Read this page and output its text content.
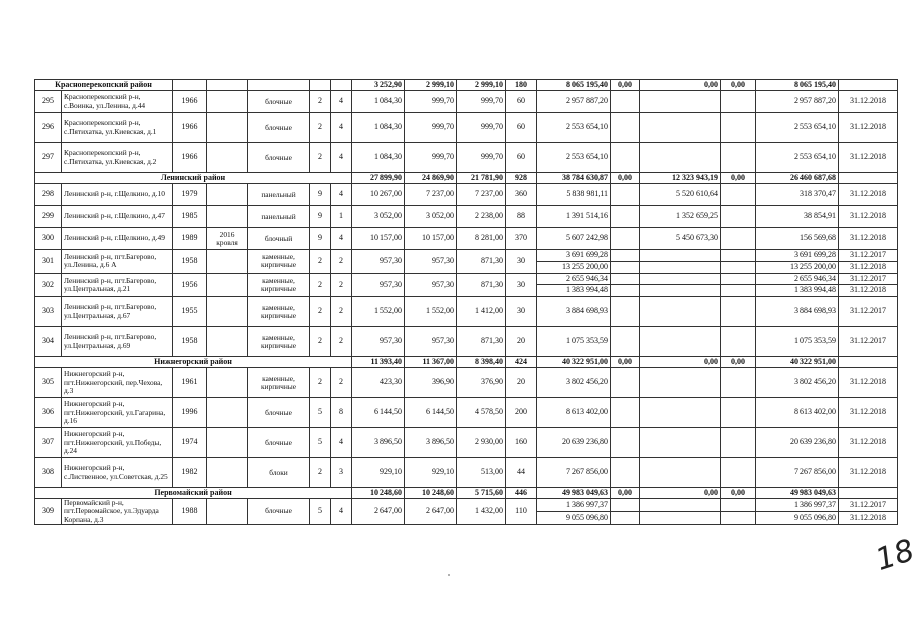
Красноперекопский район							3 252,90	2 999,10	2 999,10	180	8 065 195,40	0,00	0,00	0,00	8 065 195,40	
295	Красноперекопский р-н, с.Воинка, ул.Ленина, д.44	1966		блочные	2	4	1 084,30	999,70	999,70	60	2 957 887,20				2 957 887,20	31.12.2018
296	Красноперекопский р-н, с.Пятихатка, ул.Киевская, д.1	1966		блочные	2	4	1 084,30	999,70	999,70	60	2 553 654,10				2 553 654,10	31.12.2018
297	Красноперекопский р-н, с.Пятихатка, ул.Киевская, д.2	1966		блочные	2	4	1 084,30	999,70	999,70	60	2 553 654,10				2 553 654,10	31.12.2018
Ленинский район							27 899,90	24 869,90	21 781,90	928	38 784 630,87	0,00	12 323 943,19	0,00	26 460 687,68	
298	Ленинский р-н, г.Щелкино, д.10	1979		панельный	9	4	10 267,00	7 237,00	7 237,00	360	5 838 981,11		5 520 610,64		318 370,47	31.12.2018
299	Ленинский р-н, г.Щелкино, д.47	1985		панельный	9	1	3 052,00	3 052,00	2 238,00	88	1 391 514,16		1 352 659,25		38 854,91	31.12.2018
300	Ленинский р-н, г.Щелкино, д.49	1989	2016 кровля	блочный	9	4	10 157,00	10 157,00	8 281,00	370	5 607 242,98		5 450 673,30		156 569,68	31.12.2018
301	Ленинский р-н, пгт.Багерово, ул.Ленина, д.6 А	1958		каменные, кирпичные	2	2	957,30	957,30	871,30	30	3 691 699,28				3 691 699,28	31.12.2017
											13 255 200,00				13 255 200,00	31.12.2018
302	Ленинский р-н, пгт.Багерово, ул.Центральная, д.21	1956		каменные, кирпичные	2	2	957,30	957,30	871,30	30	2 655 946,34				2 655 946,34	31.12.2017
											1 383 994,48				1 383 994,48	31.12.2018
303	Ленинский р-н, пгт.Багерово, ул.Центральная, д.67	1955		каменные, кирпичные	2	2	1 552,00	1 552,00	1 412,00	30	3 884 698,93				3 884 698,93	31.12.2017
304	Ленинский р-н, пгт.Багерово, ул.Центральная, д.69	1958		каменные, кирпичные	2	2	957,30	957,30	871,30	20	1 075 353,59				1 075 353,59	31.12.2017
Нижнегорский район							11 393,40	11 367,00	8 398,40	424	40 322 951,00	0,00	0,00	0,00	40 322 951,00	
305	Нижнегорский р-н, пгт.Нижнегорский, пер.Чехова, д.3	1961		каменные, кирпичные	2	2	423,30	396,90	376,90	20	3 802 456,20				3 802 456,20	31.12.2018
306	Нижнегорский р-н, пгт.Нижнегорский, ул.Гагарина, д.16	1996		блочные	5	8	6 144,50	6 144,50	4 578,50	200	8 613 402,00				8 613 402,00	31.12.2018
307	Нижнегорский р-н, пгт.Нижнегорский, ул.Победы, д.24	1974		блочные	5	4	3 896,50	3 896,50	2 930,00	160	20 639 236,80				20 639 236,80	31.12.2018
308	Нижнегорский р-н, с.Лиственное, ул.Советская, д.25	1982		блоки	2	3	929,10	929,10	513,00	44	7 267 856,00				7 267 856,00	31.12.2018
Первомайский район							10 248,60	10 248,60	5 715,60	446	49 983 049,63	0,00	0,00	0,00	49 983 049,63	
309	Первомайский р-н, пгт.Первомайское, ул.Эдуарда Корпана, д.3	1988		блочные	5	4	2 647,00	2 647,00	1 432,00	110	1 386 997,37				1 386 997,37	31.12.2017
											9 055 096,80				9 055 096,80	31.12.2018
18
